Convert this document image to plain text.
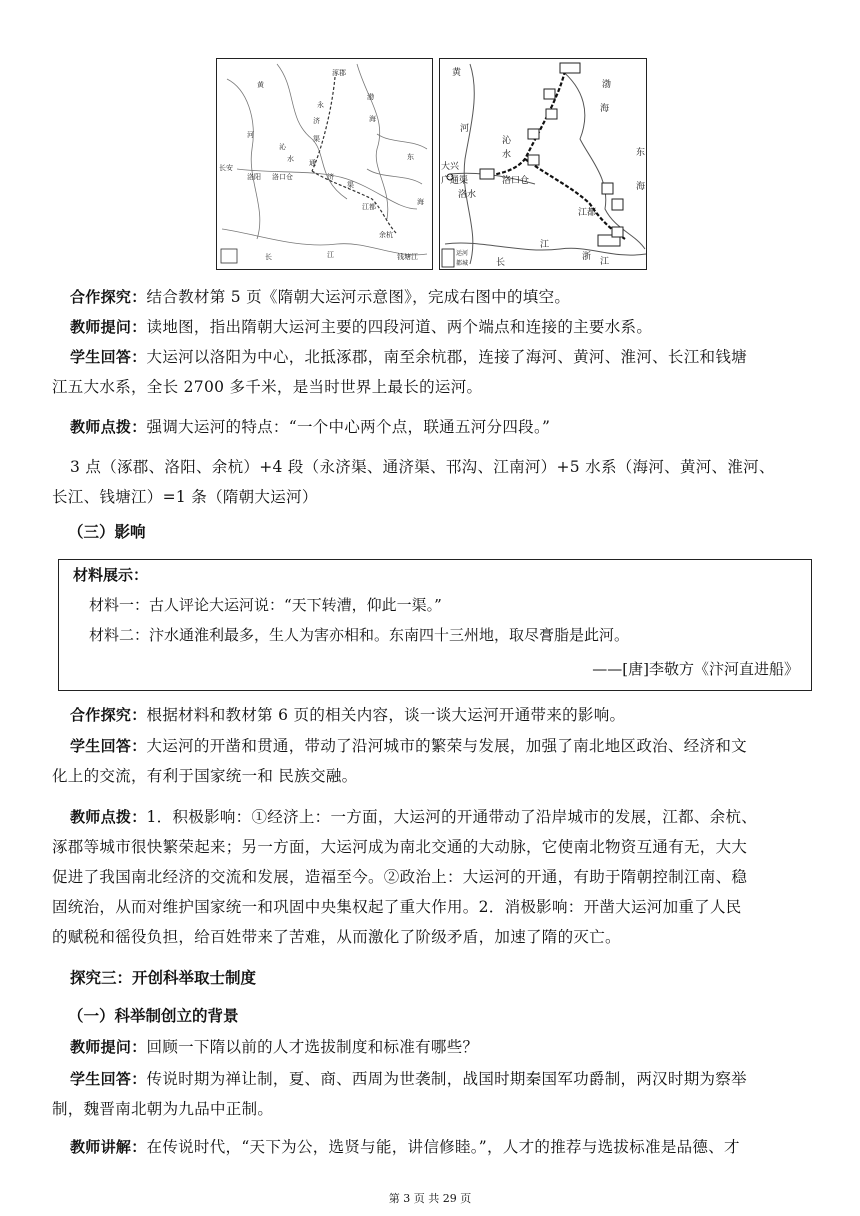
涿郡
黄
渤
海
河
永
济
沁
渠
水 通
济
渠
东
长安
洛阳 洛口仓
江都
海
余杭
长	江	钱塘江
黄
渤
海
河
东
沁
水
大兴
广通渠	洛口仓
洛水
海
江都
长
江
浙 江
运河
都城

合作探究：结合教材第 5 页《隋朝大运河示意图》，完成右图中的填空。

教师提问：读地图，指出隋朝大运河主要的四段河道、两个端点和连接的主要水系。

学生回答：大运河以洛阳为中心，北抵涿郡，南至余杭郡，连接了海河、黄河、淮河、长江和钱塘

江五大水系，全长 2700 多千米，是当时世界上最长的运河。

教师点拨：强调大运河的特点：“一个中心两个点，联通五河分四段。”

3 点（涿郡、洛阳、余杭）+4 段（永济渠、通济渠、邗沟、江南河）+5 水系（海河、黄河、淮河、

长江、钱塘江）=1 条（隋朝大运河）

（三）影响
材料展示：
材料一：古人评论大运河说：“天下转漕，仰此一渠。”
材料二：汴水通淮利最多，生人为害亦相和。东南四十三州地，取尽膏脂是此河。
——[唐]李敬方《汴河直进船》

合作探究：根据材料和教材第 6 页的相关内容，谈一谈大运河开通带来的影响。

学生回答：大运河的开凿和贯通，带动了沿河城市的繁荣与发展，加强了南北地区政治、经济和文

化上的交流，有利于国家统一和 民族交融。

教师点拨：1．积极影响：①经济上：一方面，大运河的开通带动了沿岸城市的发展，江都、余杭、

涿郡等城市很快繁荣起来；另一方面，大运河成为南北交通的大动脉，它使南北物资互通有无，大大

促进了我国南北经济的交流和发展，造福至今。②政治上：大运河的开通，有助于隋朝控制江南、稳

固统治，从而对维护国家统一和巩固中央集权起了重大作用。2．消极影响：开凿大运河加重了人民

的赋税和徭役负担，给百姓带来了苦难，从而激化了阶级矛盾，加速了隋的灭亡。

探究三：开创科举取士制度
（一）科举制创立的背景

教师提问：回顾一下隋以前的人才选拔制度和标准有哪些？

学生回答：传说时期为禅让制，夏、商、西周为世袭制，战国时期秦国军功爵制，两汉时期为察举

制，魏晋南北朝为九品中正制。

教师讲解：在传说时代，“天下为公，选贤与能，讲信修睦。”，人才的推荐与选拔标准是品德、才

第 3 页 共 29 页
